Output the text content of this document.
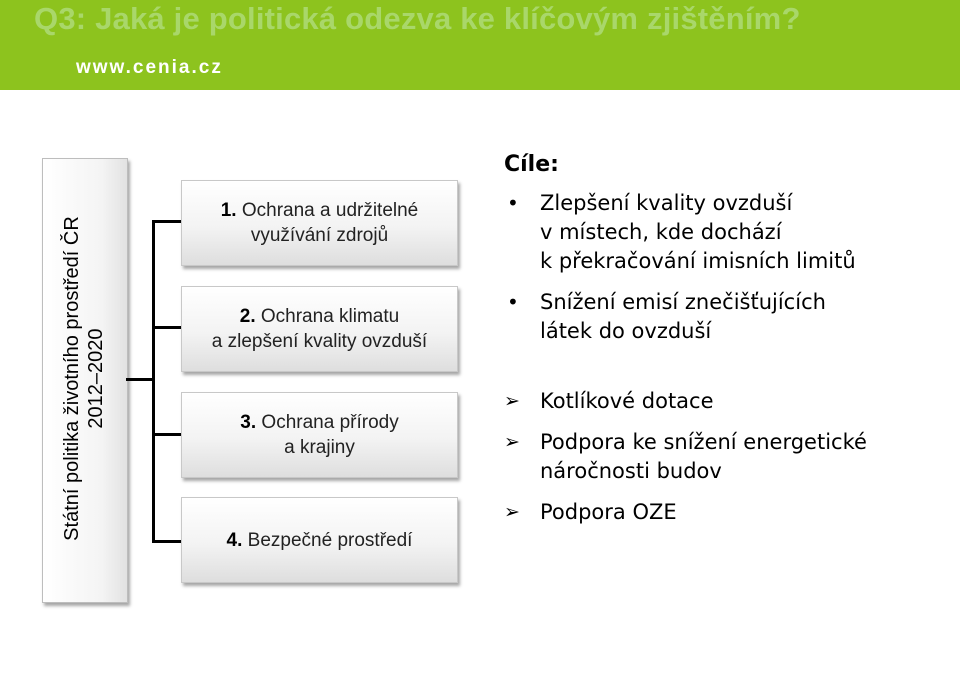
Q3: Jaká je politická odezva ke klíčovým zjištěním?
www.cenia.cz
Státní politika životního prostředí ČR 2012–2020
1. Ochrana a udržitelné
využívání zdrojů
2. Ochrana klimatu
a zlepšení kvality ovzduší
3. Ochrana přírody
a krajiny
4. Bezpečné prostředí
Cíle:
• Zlepšení kvality ovzduší
v místech, kde dochází
k překračování imisních limitů
• Snížení emisí znečišťujících
látek do ovzduší
➢ Kotlíkové dotace
➢ Podpora ke snížení energetické
náročnosti budov
➢ Podpora OZE
